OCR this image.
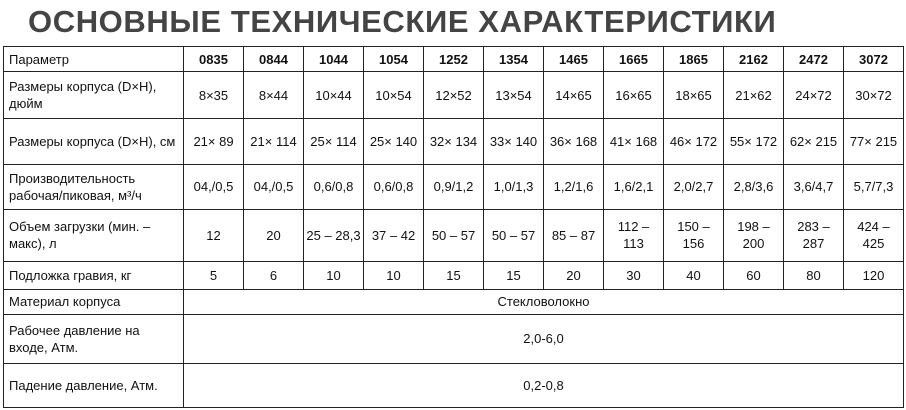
ОСНОВНЫЕ ТЕХНИЧЕСКИЕ ХАРАКТЕРИСТИКИ
Параметр	0835	0844	1044	1054	1252	1354	1465	1665	1865	2162	2472	3072
Размеры корпуса (D×H), дюйм	8×35	8×44	10×44	10×54	12×52	13×54	14×65	16×65	18×65	21×62	24×72	30×72
Размеры корпуса (D×H), см	21× 89	21× 114	25× 114	25× 140	32× 134	33× 140	36× 168	41× 168	46× 172	55× 172	62× 215	77× 215
Производительность рабочая/пиковая, м³/ч	04,/0,5	04,/0,5	0,6/0,8	0,6/0,8	0,9/1,2	1,0/1,3	1,2/1,6	1,6/2,1	2,0/2,7	2,8/3,6	3,6/4,7	5,7/7,3
Объем загрузки (мин. – макс), л	12	20	25 – 28,3	37 – 42	50 – 57	50 – 57	85 – 87	112 – 113	150 – 156	198 – 200	283 – 287	424 – 425
Подложка гравия, кг	5	6	10	10	15	15	20	30	40	60	80	120
Материал корпуса	Стекловолокно											
Рабочее давление на входе, Атм.	2,0-6,0											
Падение давление, Атм.	0,2-0,8											
